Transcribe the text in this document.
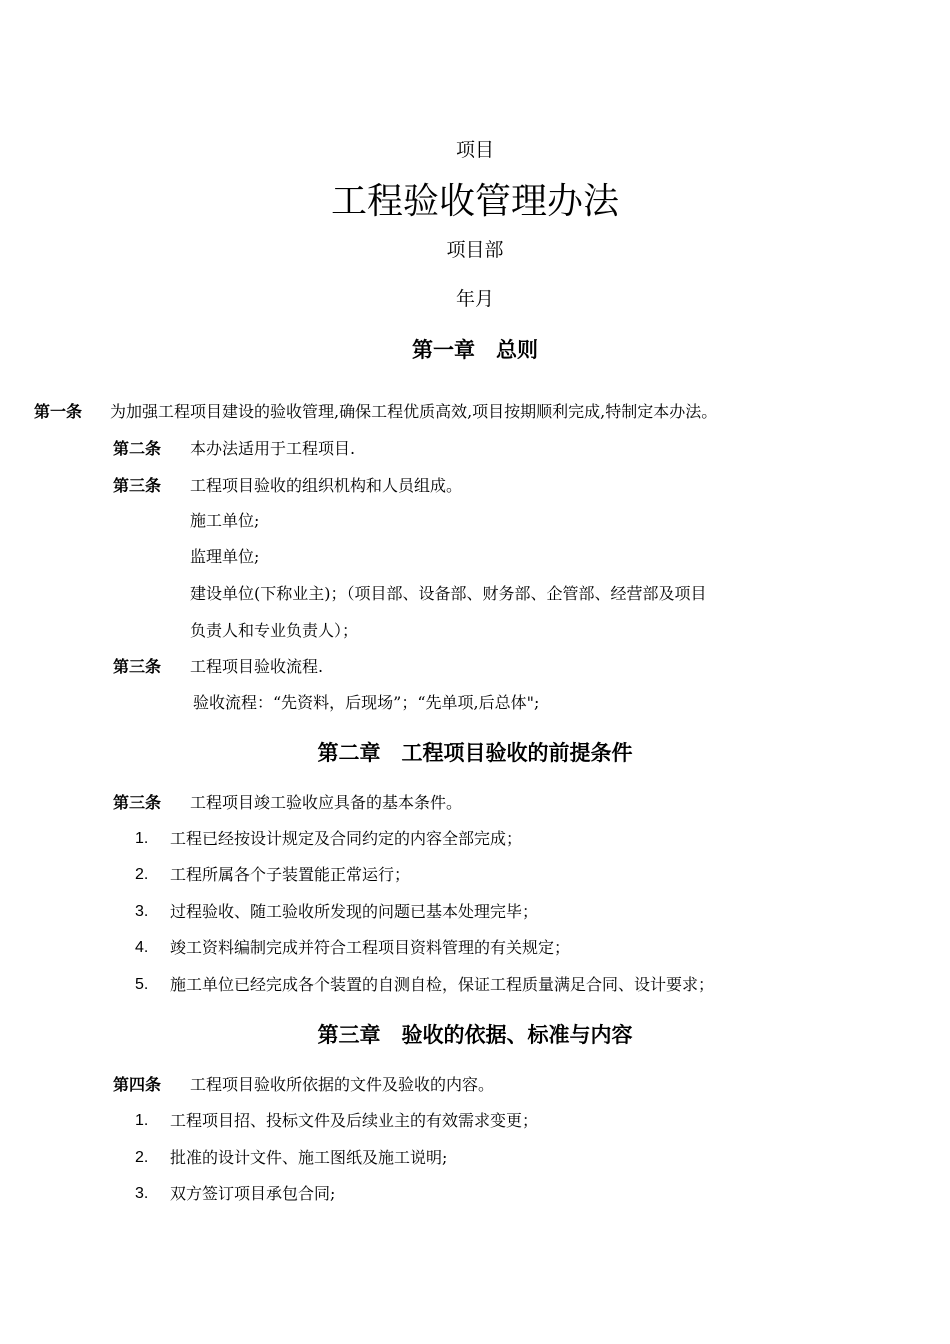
项目
工程验收管理办法
项目部
年月
第一章　总则
第一条 为加强工程项目建设的验收管理,确保工程优质高效,项目按期顺利完成,特制定本办法。
第二条 本办法适用于工程项目.
第三条 工程项目验收的组织机构和人员组成。
施工单位;
监理单位;
建设单位(下称业主)；（项目部、设备部、财务部、企管部、经营部及项目
负责人和专业负责人）；
第三条 工程项目验收流程.
验收流程：“先资料，后现场”；“先单项,后总体";
第二章　工程项目验收的前提条件
第三条 工程项目竣工验收应具备的基本条件。
1. 工程已经按设计规定及合同约定的内容全部完成；
2. 工程所属各个子装置能正常运行；
3. 过程验收、随工验收所发现的问题已基本处理完毕；
4. 竣工资料编制完成并符合工程项目资料管理的有关规定；
5. 施工单位已经完成各个装置的自测自检，保证工程质量满足合同、设计要求；
第三章　验收的依据、标准与内容
第四条 工程项目验收所依据的文件及验收的内容。
1. 工程项目招、投标文件及后续业主的有效需求变更；
2. 批准的设计文件、施工图纸及施工说明;
3. 双方签订项目承包合同;
